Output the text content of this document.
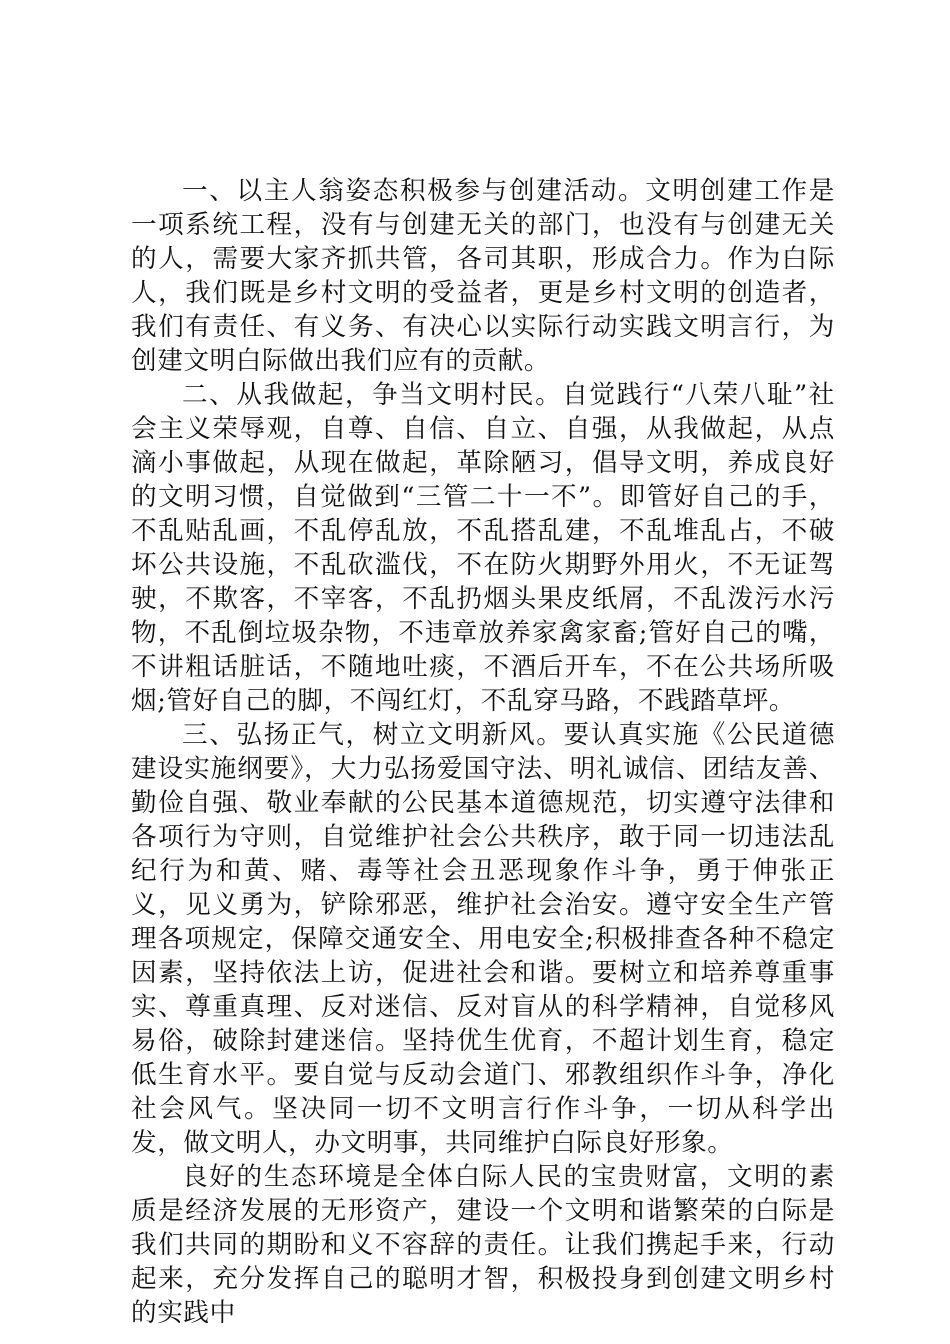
一、以主人翁姿态积极参与创建活动。文明创建工作是一项系统工程，没有与创建无关的部门，也没有与创建无关的人，需要大家齐抓共管，各司其职，形成合力。作为白际人，我们既是乡村文明的受益者，更是乡村文明的创造者，我们有责任、有义务、有决心以实际行动实践文明言行，为创建文明白际做出我们应有的贡献。

二、从我做起，争当文明村民。自觉践行“八荣八耻”社会主义荣辱观，自尊、自信、自立、自强，从我做起，从点滴小事做起，从现在做起，革除陋习，倡导文明，养成良好的文明习惯，自觉做到“三管二十一不”。即管好自己的手，不乱贴乱画，不乱停乱放，不乱搭乱建，不乱堆乱占，不破坏公共设施，不乱砍滥伐，不在防火期野外用火，不无证驾驶，不欺客，不宰客，不乱扔烟头果皮纸屑，不乱泼污水污物，不乱倒垃圾杂物，不违章放养家禽家畜;管好自己的嘴，不讲粗话脏话，不随地吐痰，不酒后开车，不在公共场所吸烟;管好自己的脚，不闯红灯，不乱穿马路，不践踏草坪。

三、弘扬正气，树立文明新风。要认真实施《公民道德建设实施纲要》，大力弘扬爱国守法、明礼诚信、团结友善、勤俭自强、敬业奉献的公民基本道德规范，切实遵守法律和各项行为守则，自觉维护社会公共秩序，敢于同一切违法乱纪行为和黄、赌、毒等社会丑恶现象作斗争，勇于伸张正义，见义勇为，铲除邪恶，维护社会治安。遵守安全生产管理各项规定，保障交通安全、用电安全;积极排查各种不稳定因素，坚持依法上访，促进社会和谐。要树立和培养尊重事实、尊重真理、反对迷信、反对盲从的科学精神，自觉移风易俗，破除封建迷信。坚持优生优育，不超计划生育，稳定低生育水平。要自觉与反动会道门、邪教组织作斗争，净化社会风气。坚决同一切不文明言行作斗争，一切从科学出发，做文明人，办文明事，共同维护白际良好形象。

良好的生态环境是全体白际人民的宝贵财富，文明的素质是经济发展的无形资产，建设一个文明和谐繁荣的白际是我们共同的期盼和义不容辞的责任。让我们携起手来，行动起来，充分发挥自己的聪明才智，积极投身到创建文明乡村的实践中
